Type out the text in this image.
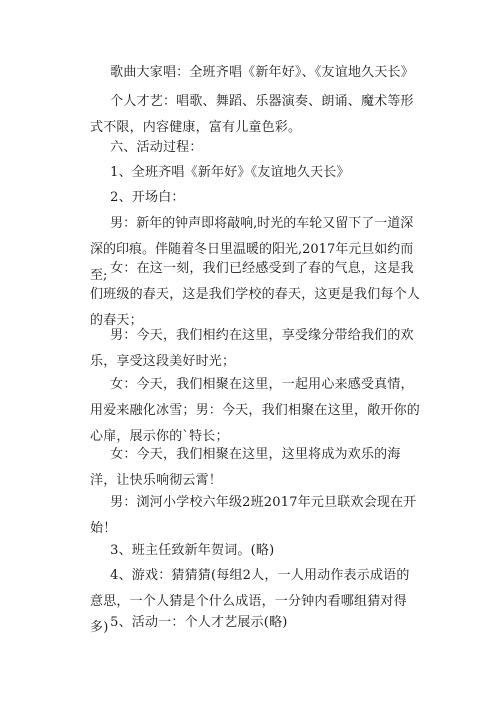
歌曲大家唱：全班齐唱《新年好》、《友谊地久天长》

个人才艺：唱歌、舞蹈、乐器演奏、朗诵、魔术等形式不限，内容健康，富有儿童色彩。

六、活动过程：

1、全班齐唱《新年好》《友谊地久天长》

2、开场白：

男：新年的钟声即将敲响,时光的车轮又留下了一道深深的印痕。伴随着冬日里温暖的阳光,2017年元旦如约而至; 女：在这一刻，我们已经感受到了春的气息，这是我们班级的春天，这是我们学校的春天，这更是我们每个人的春天；

男：今天，我们相约在这里，享受缘分带给我们的欢乐，享受这段美好时光；

女：今天，我们相聚在这里，一起用心来感受真情，用爱来融化冰雪；男：今天，我们相聚在这里，敞开你的心扉，展示你的`特长；

女：今天，我们相聚在这里，这里将成为欢乐的海洋，让快乐响彻云霄！

男：浏河小学校六年级2班2017年元旦联欢会现在开始！

3、班主任致新年贺词。(略)

4、游戏：猜猜猜(每组2人，一人用动作表示成语的意思，一个人猜是个什么成语，一分钟内看哪组猜对得多) 5、活动一：个人才艺展示(略)
